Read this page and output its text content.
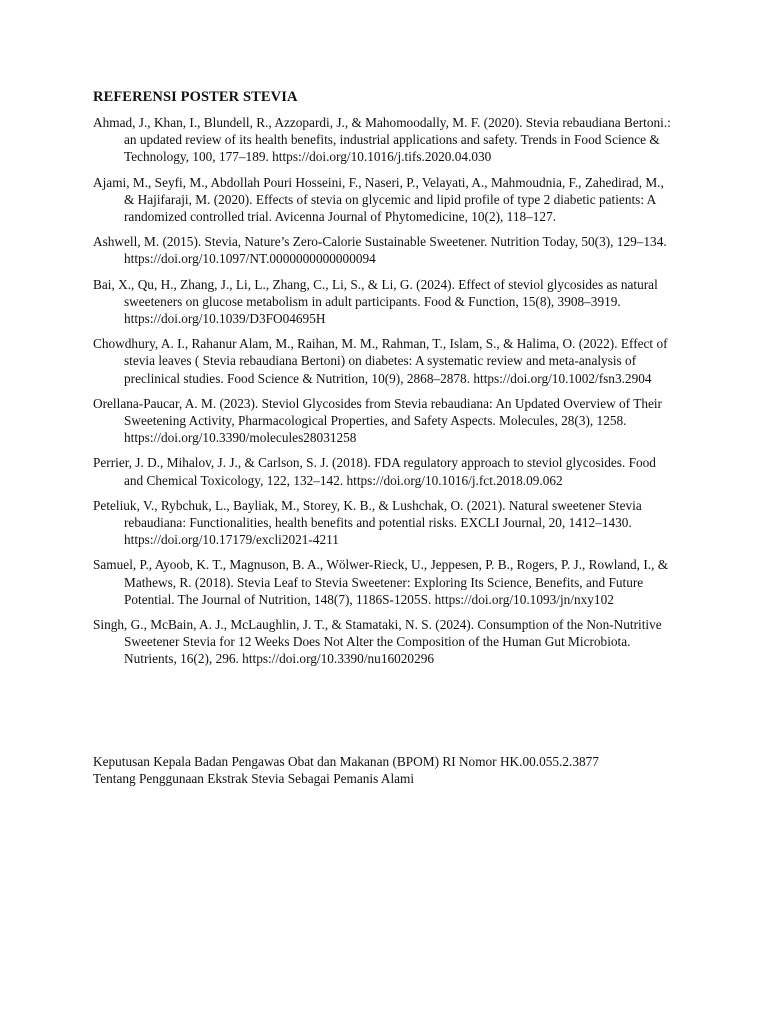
REFERENSI POSTER STEVIA
Ahmad, J., Khan, I., Blundell, R., Azzopardi, J., & Mahomoodally, M. F. (2020). Stevia rebaudiana Bertoni.: an updated review of its health benefits, industrial applications and safety. Trends in Food Science & Technology, 100, 177–189. https://doi.org/10.1016/j.tifs.2020.04.030
Ajami, M., Seyfi, M., Abdollah Pouri Hosseini, F., Naseri, P., Velayati, A., Mahmoudnia, F., Zahedirad, M., & Hajifaraji, M. (2020). Effects of stevia on glycemic and lipid profile of type 2 diabetic patients: A randomized controlled trial. Avicenna Journal of Phytomedicine, 10(2), 118–127.
Ashwell, M. (2015). Stevia, Nature’s Zero-Calorie Sustainable Sweetener. Nutrition Today, 50(3), 129–134. https://doi.org/10.1097/NT.0000000000000094
Bai, X., Qu, H., Zhang, J., Li, L., Zhang, C., Li, S., & Li, G. (2024). Effect of steviol glycosides as natural sweeteners on glucose metabolism in adult participants. Food & Function, 15(8), 3908–3919. https://doi.org/10.1039/D3FO04695H
Chowdhury, A. I., Rahanur Alam, M., Raihan, M. M., Rahman, T., Islam, S., & Halima, O. (2022). Effect of stevia leaves ( Stevia rebaudiana Bertoni) on diabetes: A systematic review and meta-analysis of preclinical studies. Food Science & Nutrition, 10(9), 2868–2878. https://doi.org/10.1002/fsn3.2904
Orellana-Paucar, A. M. (2023). Steviol Glycosides from Stevia rebaudiana: An Updated Overview of Their Sweetening Activity, Pharmacological Properties, and Safety Aspects. Molecules, 28(3), 1258. https://doi.org/10.3390/molecules28031258
Perrier, J. D., Mihalov, J. J., & Carlson, S. J. (2018). FDA regulatory approach to steviol glycosides. Food and Chemical Toxicology, 122, 132–142. https://doi.org/10.1016/j.fct.2018.09.062
Peteliuk, V., Rybchuk, L., Bayliak, M., Storey, K. B., & Lushchak, O. (2021). Natural sweetener Stevia rebaudiana: Functionalities, health benefits and potential risks. EXCLI Journal, 20, 1412–1430. https://doi.org/10.17179/excli2021-4211
Samuel, P., Ayoob, K. T., Magnuson, B. A., Wölwer-Rieck, U., Jeppesen, P. B., Rogers, P. J., Rowland, I., & Mathews, R. (2018). Stevia Leaf to Stevia Sweetener: Exploring Its Science, Benefits, and Future Potential. The Journal of Nutrition, 148(7), 1186S-1205S. https://doi.org/10.1093/jn/nxy102
Singh, G., McBain, A. J., McLaughlin, J. T., & Stamataki, N. S. (2024). Consumption of the Non-Nutritive Sweetener Stevia for 12 Weeks Does Not Alter the Composition of the Human Gut Microbiota. Nutrients, 16(2), 296. https://doi.org/10.3390/nu16020296

Keputusan Kepala Badan Pengawas Obat dan Makanan (BPOM) RI Nomor HK.00.055.2.3877
Tentang Penggunaan Ekstrak Stevia Sebagai Pemanis Alami
